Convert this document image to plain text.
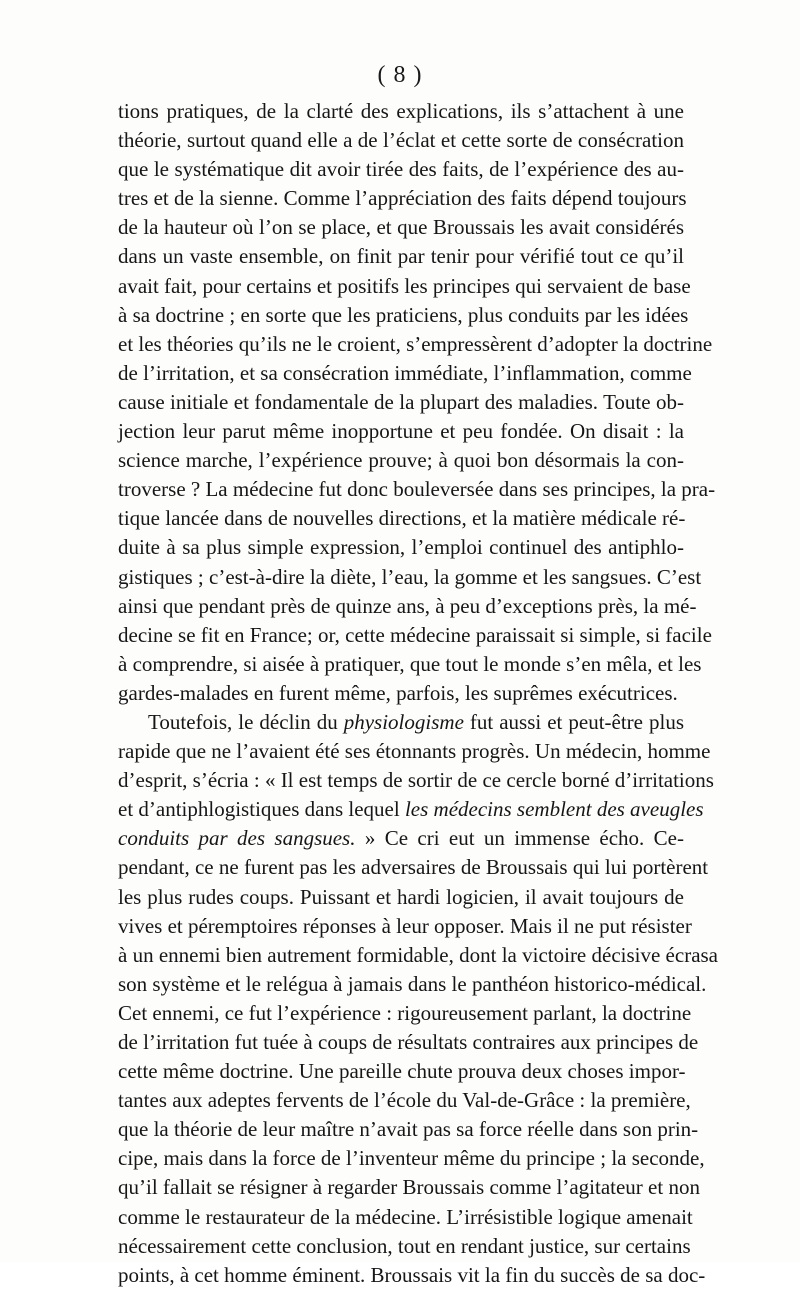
( 8 )
tions pratiques, de la clarté des explications, ils s’attachent à une
théorie, surtout quand elle a de l’éclat et cette sorte de consécration
que le systématique dit avoir tirée des faits, de l’expérience des au-
tres et de la sienne. Comme l’appréciation des faits dépend toujours
de la hauteur où l’on se place, et que Broussais les avait considérés
dans un vaste ensemble, on finit par tenir pour vérifié tout ce qu’il
avait fait, pour certains et positifs les principes qui servaient de base
à sa doctrine ; en sorte que les praticiens, plus conduits par les idées
et les théories qu’ils ne le croient, s’empressèrent d’adopter la doctrine
de l’irritation, et sa consécration immédiate, l’inflammation, comme
cause initiale et fondamentale de la plupart des maladies. Toute ob-
jection leur parut même inopportune et peu fondée. On disait : la
science marche, l’expérience prouve; à quoi bon désormais la con-
troverse ? La médecine fut donc bouleversée dans ses principes, la pra-
tique lancée dans de nouvelles directions, et la matière médicale ré-
duite à sa plus simple expression, l’emploi continuel des antiphlo-
gistiques ; c’est-à-dire la diète, l’eau, la gomme et les sangsues. C’est
ainsi que pendant près de quinze ans, à peu d’exceptions près, la mé-
decine se fit en France; or, cette médecine paraissait si simple, si facile
à comprendre, si aisée à pratiquer, que tout le monde s’en mêla, et les
gardes-malades en furent même, parfois, les suprêmes exécutrices.
Toutefois, le déclin du physiologisme fut aussi et peut-être plus
rapide que ne l’avaient été ses étonnants progrès. Un médecin, homme
d’esprit, s’écria : « Il est temps de sortir de ce cercle borné d’irritations
et d’antiphlogistiques dans lequel les médecins semblent des aveugles
conduits par des sangsues. » Ce cri eut un immense écho. Ce-
pendant, ce ne furent pas les adversaires de Broussais qui lui portèrent
les plus rudes coups. Puissant et hardi logicien, il avait toujours de
vives et péremptoires réponses à leur opposer. Mais il ne put résister
à un ennemi bien autrement formidable, dont la victoire décisive écrasa
son système et le relégua à jamais dans le panthéon historico-médical.
Cet ennemi, ce fut l’expérience : rigoureusement parlant, la doctrine
de l’irritation fut tuée à coups de résultats contraires aux principes de
cette même doctrine. Une pareille chute prouva deux choses impor-
tantes aux adeptes fervents de l’école du Val-de-Grâce : la première,
que la théorie de leur maître n’avait pas sa force réelle dans son prin-
cipe, mais dans la force de l’inventeur même du principe ; la seconde,
qu’il fallait se résigner à regarder Broussais comme l’agitateur et non
comme le restaurateur de la médecine. L’irrésistible logique amenait
nécessairement cette conclusion, tout en rendant justice, sur certains
points, à cet homme éminent. Broussais vit la fin du succès de sa doc-
